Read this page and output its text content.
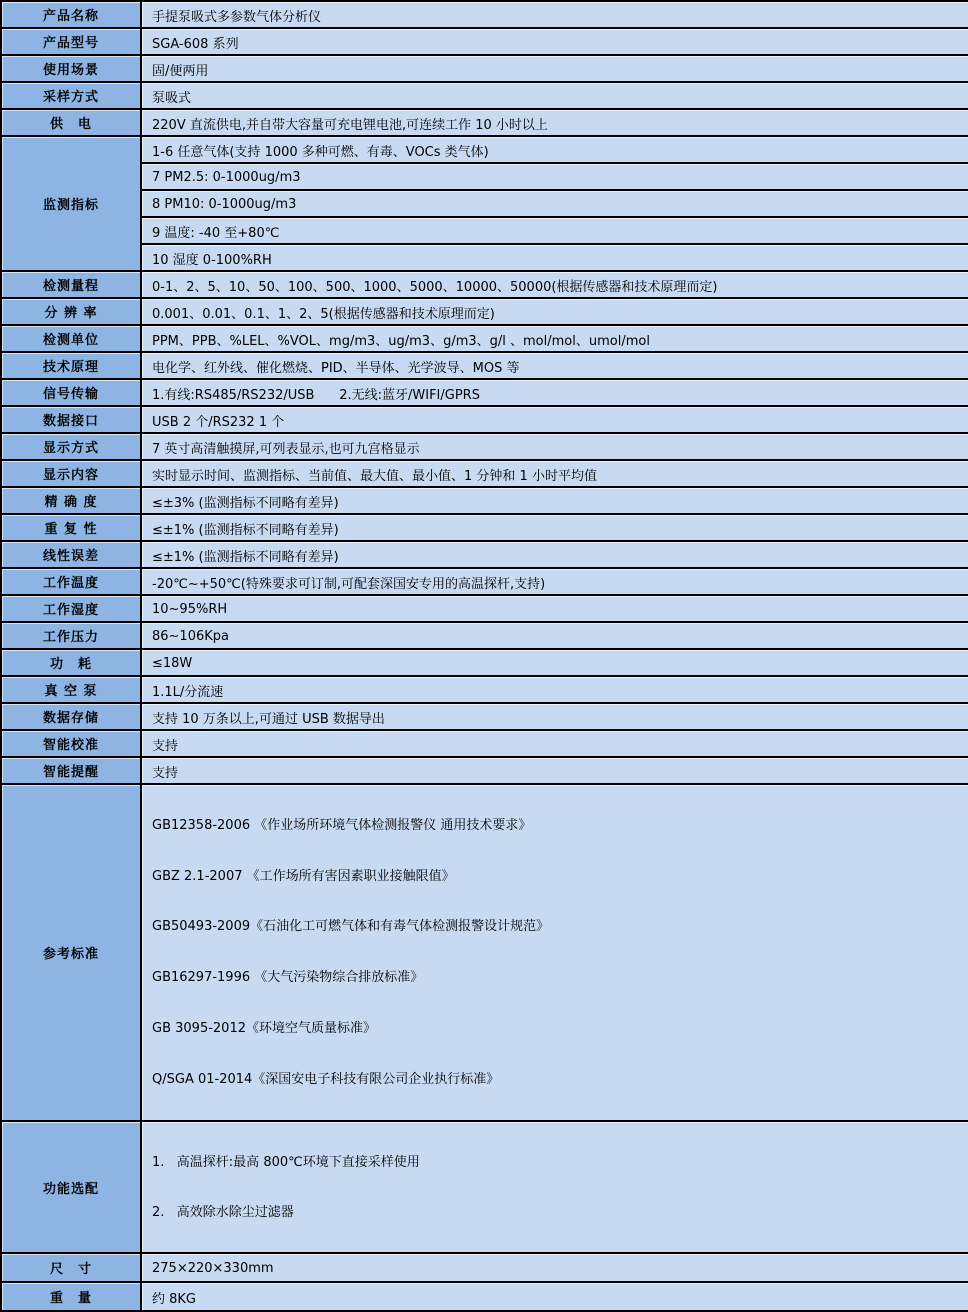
产品名称	手提泵吸式多参数气体分析仪
产品型号	SGA-608 系列
使用场景	固/便两用
采样方式	泵吸式
供　电	220V 直流供电,并自带大容量可充电锂电池,可连续工作 10 小时以上
监测指标	1-6 任意气体(支持 1000 多种可燃、有毒、VOCs 类气体)
	7 PM2.5: 0-1000ug/m3
	8 PM10: 0-1000ug/m3
	9 温度: -40 至+80℃
	10 湿度 0-100%RH
检测量程	0-1、2、5、10、50、100、500、1000、5000、10000、50000(根据传感器和技术原理而定)
分 辨 率	0.001、0.01、0.1、1、2、5(根据传感器和技术原理而定)
检测单位	PPM、PPB、%LEL、%VOL、mg/m3、ug/m3、g/m3、g/l 、mol/mol、umol/mol
技术原理	电化学、红外线、催化燃烧、PID、半导体、光学波导、MOS 等
信号传输	1.有线:RS485/RS232/USB      2.无线:蓝牙/WIFI/GPRS
数据接口	USB 2 个/RS232 1 个
显示方式	7 英寸高清触摸屏,可列表显示,也可九宫格显示
显示内容	实时显示时间、监测指标、当前值、最大值、最小值、1 分钟和 1 小时平均值
精 确 度	≤±3% (监测指标不同略有差异)
重 复 性	≤±1% (监测指标不同略有差异)
线性误差	≤±1% (监测指标不同略有差异)
工作温度	-20℃~+50℃(特殊要求可订制,可配套深国安专用的高温探杆,支持)
工作湿度	10~95%RH
工作压力	86~106Kpa
功　耗	≤18W
真 空 泵	1.1L/分流速
数据存储	支持 10 万条以上,可通过 USB 数据导出
智能校准	支持
智能提醒	支持
参考标准	

GB12358-2006 《作业场所环境气体检测报警仪 通用技术要求》

GBZ 2.1-2007 《工作场所有害因素职业接触限值》

GB50493-2009《石油化工可燃气体和有毒气体检测报警设计规范》

GB16297-1996 《大气污染物综合排放标准》

GB 3095-2012《环境空气质量标准》

Q/SGA 01-2014《深国安电子科技有限公司企业执行标准》

功能选配	1.   高温探杆:最高 800℃环境下直接采样使用

2.   高效除水除尘过滤器

尺　寸	275×220×330mm
重　量	约 8KG
